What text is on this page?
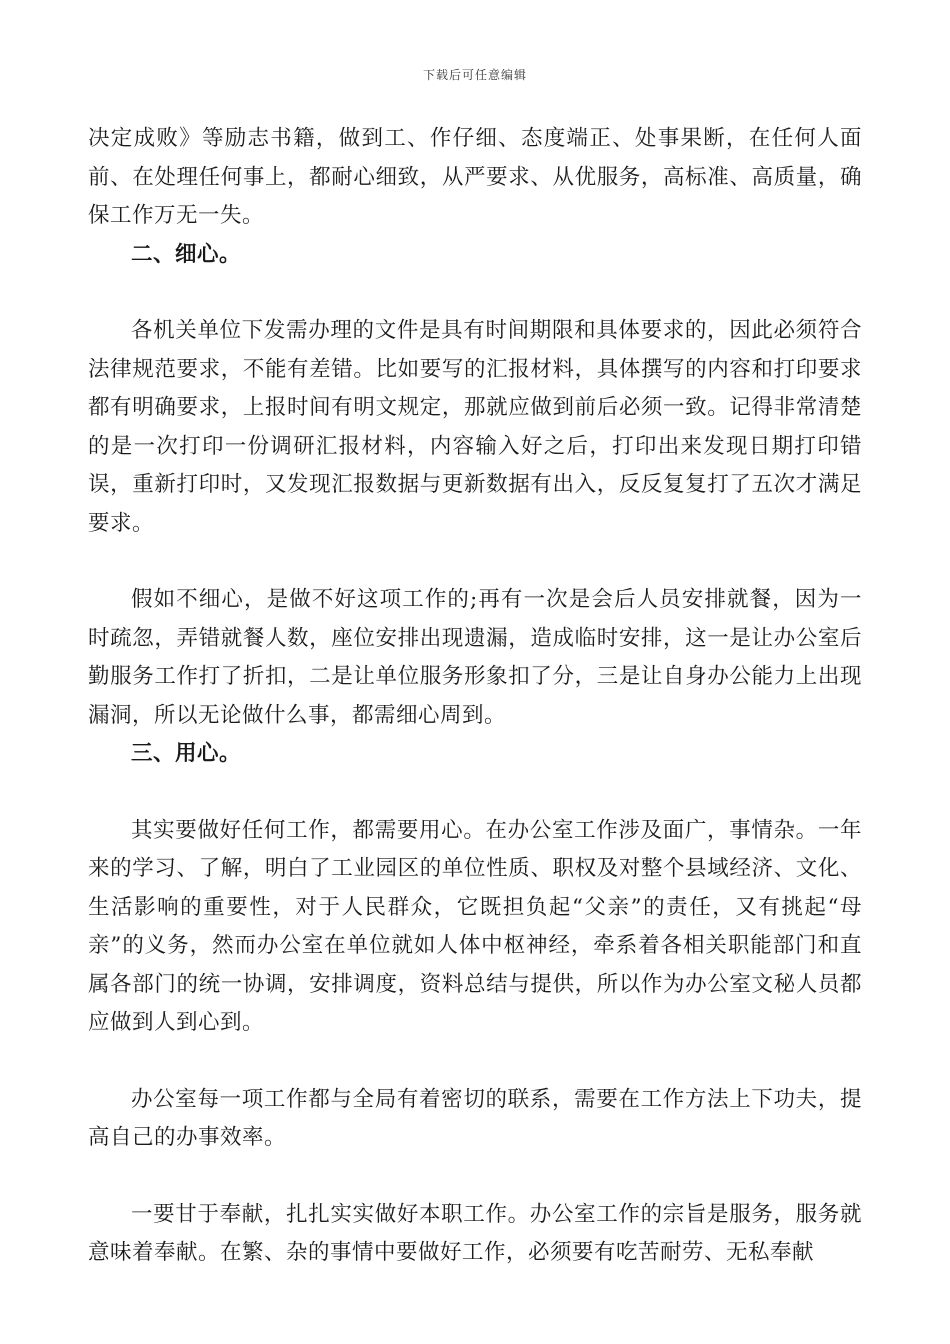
下载后可任意编辑

决定成败》等励志书籍，做到工、作仔细、态度端正、处事果断，在任何人面前、在处理任何事上，都耐心细致，从严要求、从优服务，高标准、高质量，确保工作万无一失。

二、细心。

各机关单位下发需办理的文件是具有时间期限和具体要求的，因此必须符合法律规范要求，不能有差错。比如要写的汇报材料，具体撰写的内容和打印要求都有明确要求，上报时间有明文规定，那就应做到前后必须一致。记得非常清楚的是一次打印一份调研汇报材料，内容输入好之后，打印出来发现日期打印错误，重新打印时，又发现汇报数据与更新数据有出入，反反复复打了五次才满足要求。

假如不细心，是做不好这项工作的;再有一次是会后人员安排就餐，因为一时疏忽，弄错就餐人数，座位安排出现遗漏，造成临时安排，这一是让办公室后勤服务工作打了折扣，二是让单位服务形象扣了分，三是让自身办公能力上出现漏洞，所以无论做什么事，都需细心周到。

三、用心。

其实要做好任何工作，都需要用心。在办公室工作涉及面广，事情杂。一年来的学习、了解，明白了工业园区的单位性质、职权及对整个县域经济、文化、生活影响的重要性，对于人民群众，它既担负起“父亲”的责任，又有挑起“母亲”的义务，然而办公室在单位就如人体中枢神经，牵系着各相关职能部门和直属各部门的统一协调，安排调度，资料总结与提供，所以作为办公室文秘人员都应做到人到心到。

办公室每一项工作都与全局有着密切的联系，需要在工作方法上下功夫，提高自己的办事效率。

一要甘于奉献，扎扎实实做好本职工作。办公室工作的宗旨是服务，服务就意味着奉献。在繁、杂的事情中要做好工作，必须要有吃苦耐劳、无私奉献
